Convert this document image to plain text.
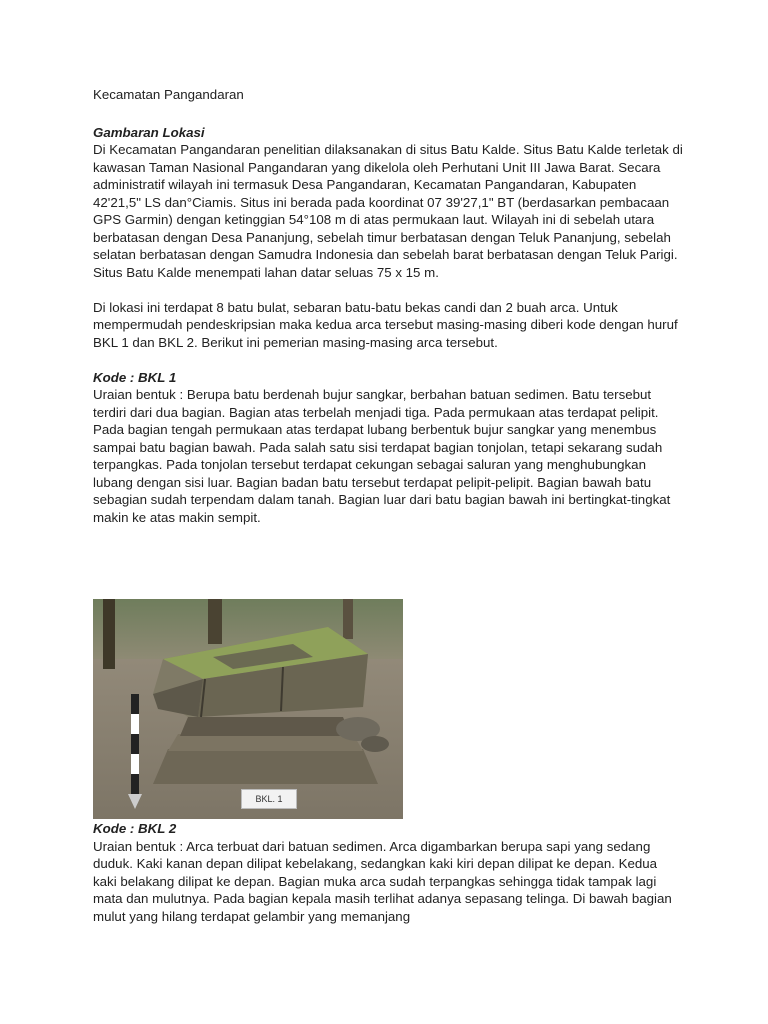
Kecamatan Pangandaran

Gambaran Lokasi

Di Kecamatan Pangandaran penelitian dilaksanakan di situs Batu Kalde. Situs Batu Kalde terletak di kawasan Taman Nasional Pangandaran yang dikelola oleh Perhutani Unit III Jawa Barat. Secara administratif wilayah ini termasuk Desa Pangandaran, Kecamatan Pangandaran, Kabupaten 42'21,5" LS dan°Ciamis. Situs ini berada pada koordinat 07 39'27,1" BT (berdasarkan pembacaan GPS Garmin) dengan ketinggian 54°108 m di atas permukaan laut. Wilayah ini di sebelah utara berbatasan dengan Desa Pananjung, sebelah timur berbatasan dengan Teluk Pananjung, sebelah selatan berbatasan dengan Samudra Indonesia dan sebelah barat berbatasan dengan Teluk Parigi. Situs Batu Kalde menempati lahan datar seluas 75 x 15 m.

Di lokasi ini terdapat 8 batu bulat, sebaran batu-batu bekas candi dan 2 buah arca. Untuk mempermudah pendeskripsian maka kedua arca tersebut masing-masing diberi kode dengan huruf BKL 1 dan BKL 2. Berikut ini pemerian masing-masing arca tersebut.

Kode : BKL 1

Uraian bentuk : Berupa batu berdenah bujur sangkar, berbahan batuan sedimen. Batu tersebut terdiri dari dua bagian. Bagian atas terbelah menjadi tiga. Pada permukaan atas terdapat pelipit. Pada bagian tengah permukaan atas terdapat lubang berbentuk bujur sangkar yang menembus sampai batu bagian bawah. Pada salah satu sisi terdapat bagian tonjolan, tetapi sekarang sudah terpangkas. Pada tonjolan tersebut terdapat cekungan sebagai saluran yang menghubungkan lubang dengan sisi luar. Bagian badan batu tersebut terdapat pelipit-pelipit. Bagian bawah batu sebagian sudah terpendam dalam tanah. Bagian luar dari batu bagian bawah ini bertingkat-tingkat makin ke atas makin sempit.

BKL. 1

Kode : BKL 2

Uraian bentuk : Arca terbuat dari batuan sedimen. Arca digambarkan berupa sapi yang sedang duduk. Kaki kanan depan dilipat kebelakang, sedangkan kaki kiri depan dilipat ke depan. Kedua kaki belakang dilipat ke depan. Bagian muka arca sudah terpangkas sehingga tidak tampak lagi mata dan mulutnya. Pada bagian kepala masih terlihat adanya sepasang telinga. Di bawah bagian mulut yang hilang terdapat gelambir yang memanjang
